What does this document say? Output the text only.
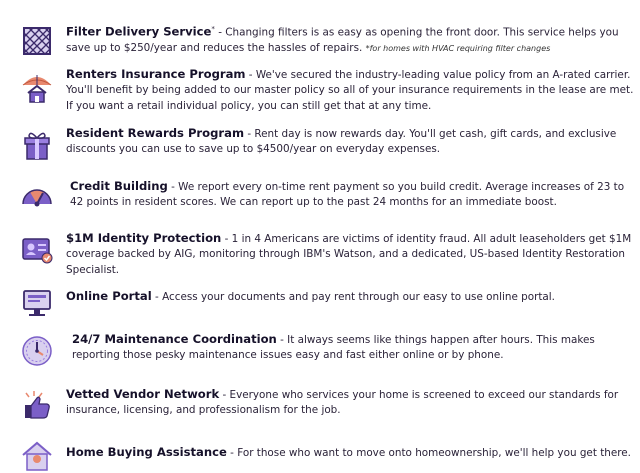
Filter Delivery Service* - Changing filters is as easy as opening the front door. This service helps you save up to $250/year and reduces the hassles of repairs. *for homes with HVAC requiring filter changes
Renters Insurance Program - We've secured the industry-leading value policy from an A-rated carrier. You'll benefit by being added to our master policy so all of your insurance requirements in the lease are met. If you want a retail individual policy, you can still get that at any time.
Resident Rewards Program - Rent day is now rewards day. You'll get cash, gift cards, and exclusive discounts you can use to save up to $4500/year on everyday expenses.
Credit Building - We report every on-time rent payment so you build credit. Average increases of 23 to 42 points in resident scores. We can report up to the past 24 months for an immediate boost.
$1M Identity Protection - 1 in 4 Americans are victims of identity fraud. All adult leaseholders get $1M coverage backed by AIG, monitoring through IBM's Watson, and a dedicated, US-based Identity Restoration Specialist.
Online Portal - Access your documents and pay rent through our easy to use online portal.
24/7 Maintenance Coordination - It always seems like things happen after hours. This makes reporting those pesky maintenance issues easy and fast either online or by phone.
Vetted Vendor Network - Everyone who services your home is screened to exceed our standards for insurance, licensing, and professionalism for the job.
Home Buying Assistance - For those who want to move onto homeownership, we'll help you get there.
